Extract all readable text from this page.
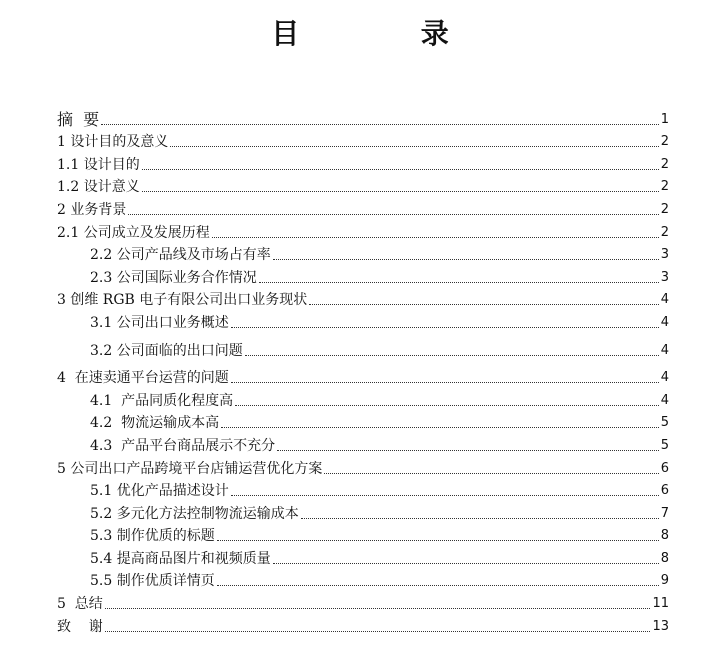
目  录
摘  要	1
1 设计目的及意义	2
1.1 设计目的	2
1.2 设计意义	2
2 业务背景	2
2.1 公司成立及发展历程	2
2.2 公司产品线及市场占有率	3
2.3 公司国际业务合作情况	3
3 创维 RGB 电子有限公司出口业务现状	4
3.1 公司出口业务概述	4
3.2 公司面临的出口问题	4
4  在速卖通平台运营的问题	4
4.1  产品同质化程度高	4
4.2  物流运输成本高	5
4.3  产品平台商品展示不充分	5
5 公司出口产品跨境平台店铺运营优化方案	6
5.1 优化产品描述设计	6
5.2 多元化方法控制物流运输成本	7
5.3 制作优质的标题	8
5.4 提高商品图片和视频质量	8
5.5 制作优质详情页	9
5  总结	11
致    谢	13
